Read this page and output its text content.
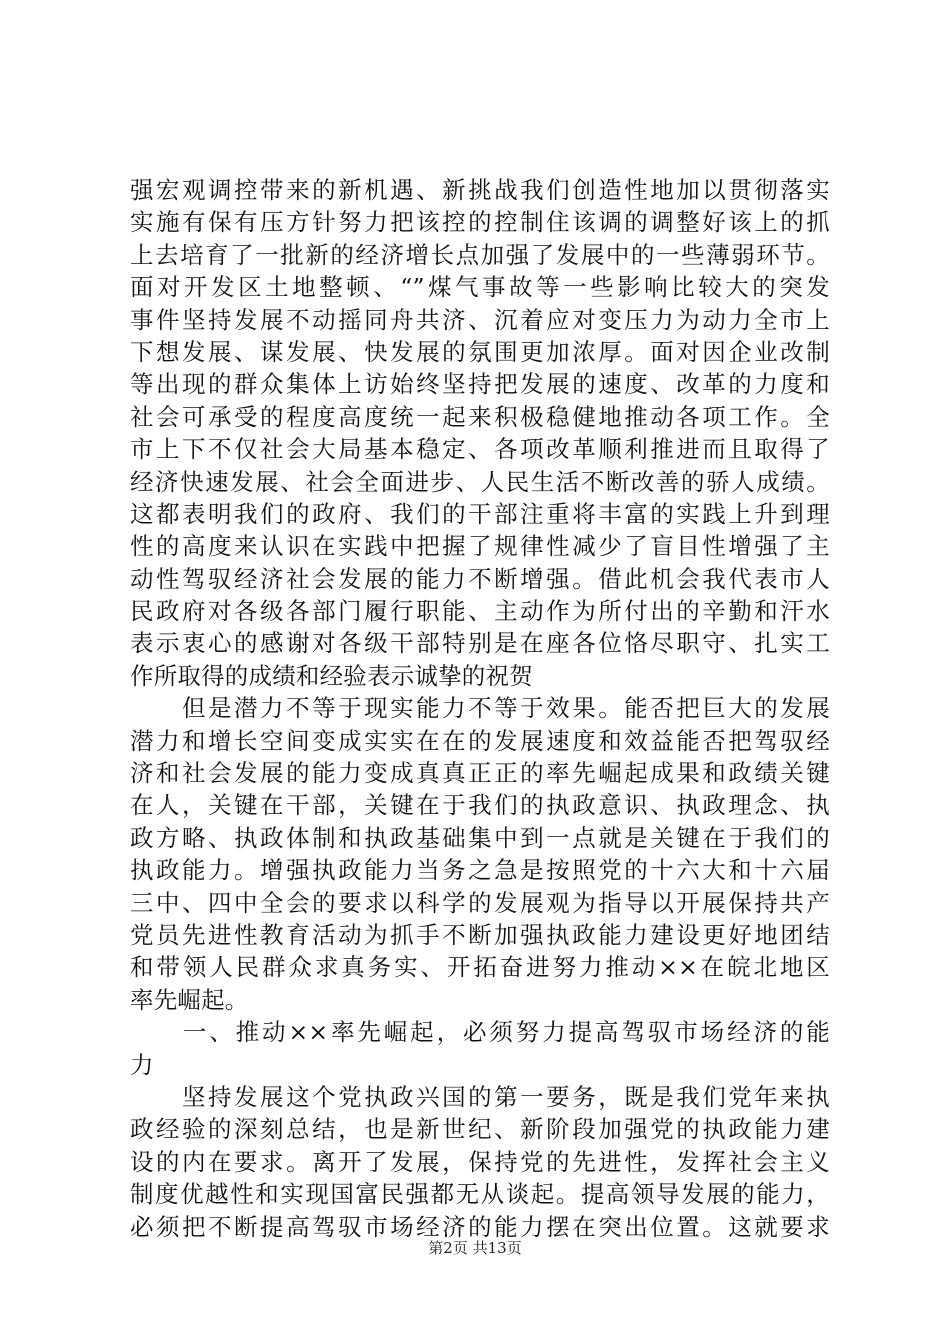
强宏观调控带来的新机遇、新挑战我们创造性地加以贯彻落实
实施有保有压方针努力把该控的控制住该调的调整好该上的抓
上去培育了一批新的经济增长点加强了发展中的一些薄弱环节。
面对开发区土地整顿、“”煤气事故等一些影响比较大的突发
事件坚持发展不动摇同舟共济、沉着应对变压力为动力全市上
下想发展、谋发展、快发展的氛围更加浓厚。面对因企业改制
等出现的群众集体上访始终坚持把发展的速度、改革的力度和
社会可承受的程度高度统一起来积极稳健地推动各项工作。全
市上下不仅社会大局基本稳定、各项改革顺利推进而且取得了
经济快速发展、社会全面进步、人民生活不断改善的骄人成绩。
这都表明我们的政府、我们的干部注重将丰富的实践上升到理
性的高度来认识在实践中把握了规律性减少了盲目性增强了主
动性驾驭经济社会发展的能力不断增强。借此机会我代表市人
民政府对各级各部门履行职能、主动作为所付出的辛勤和汗水
表示衷心的感谢对各级干部特别是在座各位恪尽职守、扎实工
作所取得的成绩和经验表示诚挚的祝贺
　　但是潜力不等于现实能力不等于效果。能否把巨大的发展
潜力和增长空间变成实实在在的发展速度和效益能否把驾驭经
济和社会发展的能力变成真真正正的率先崛起成果和政绩关键
在人，关键在干部，关键在于我们的执政意识、执政理念、执
政方略、执政体制和执政基础集中到一点就是关键在于我们的
执政能力。增强执政能力当务之急是按照党的十六大和十六届
三中、四中全会的要求以科学的发展观为指导以开展保持共产
党员先进性教育活动为抓手不断加强执政能力建设更好地团结
和带领人民群众求真务实、开拓奋进努力推动××在皖北地区
率先崛起。
　　一、推动××率先崛起，必须努力提高驾驭市场经济的能
力
　　坚持发展这个党执政兴国的第一要务，既是我们党年来执
政经验的深刻总结，也是新世纪、新阶段加强党的执政能力建
设的内在要求。离开了发展，保持党的先进性，发挥社会主义
制度优越性和实现国富民强都无从谈起。提高领导发展的能力，
必须把不断提高驾驭市场经济的能力摆在突出位置。这就要求
第2页 共13页
